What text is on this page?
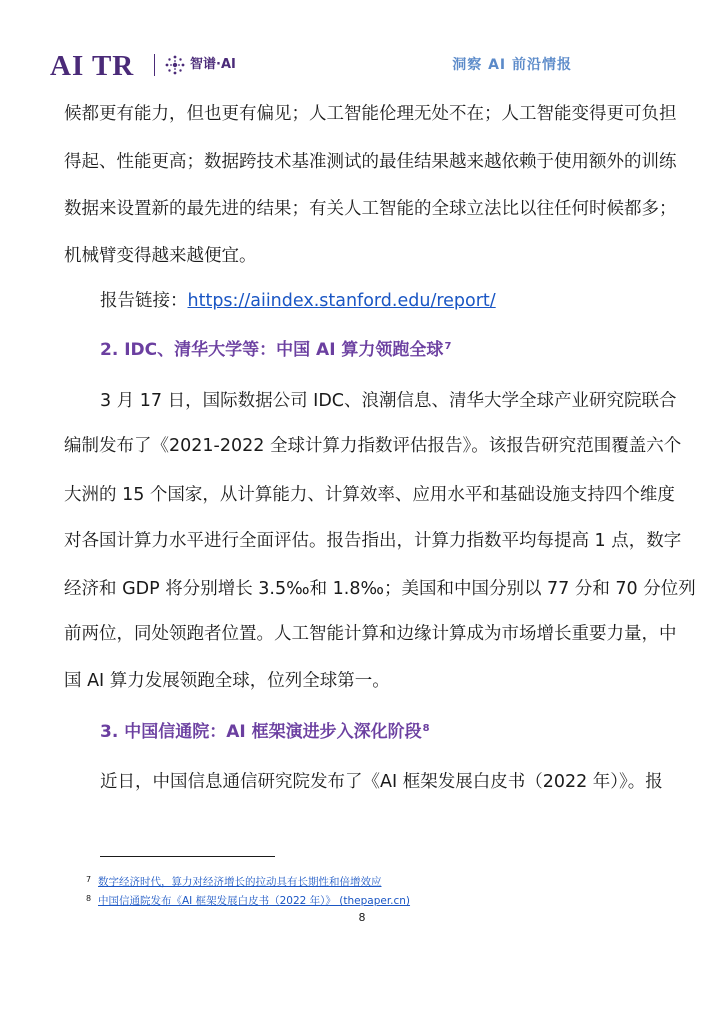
AI TR	智谱·AI	洞察 AI 前沿情报
候都更有能力，但也更有偏见；人工智能伦理无处不在；人工智能变得更可负担
得起、性能更高；数据跨技术基准测试的最佳结果越来越依赖于使用额外的训练
数据来设置新的最先进的结果；有关人工智能的全球立法比以往任何时候都多；
机械臂变得越来越便宜。
报告链接：https://aiindex.stanford.edu/report/
2. IDC、清华大学等：中国 AI 算力领跑全球$^7$
3 月 17 日，国际数据公司 IDC、浪潮信息、清华大学全球产业研究院联合
编制发布了《2021-2022 全球计算力指数评估报告》。该报告研究范围覆盖六个
大洲的 15 个国家，从计算能力、计算效率、应用水平和基础设施支持四个维度
对各国计算力水平进行全面评估。报告指出，计算力指数平均每提高 1 点，数字
经济和 GDP 将分别增长 3.5‰和 1.8‰；美国和中国分别以 77 分和 70 分位列
前两位，同处领跑者位置。人工智能计算和边缘计算成为市场增长重要力量，中
国 AI 算力发展领跑全球，位列全球第一。
3. 中国信通院：AI 框架演进步入深化阶段$^8$
近日，中国信息通信研究院发布了《AI 框架发展白皮书（2022 年）》。报
7 数字经济时代，算力对经济增长的拉动具有长期性和倍增效应
8 中国信通院发布《AI 框架发展白皮书（2022 年）》 (thepaper.cn)
8
